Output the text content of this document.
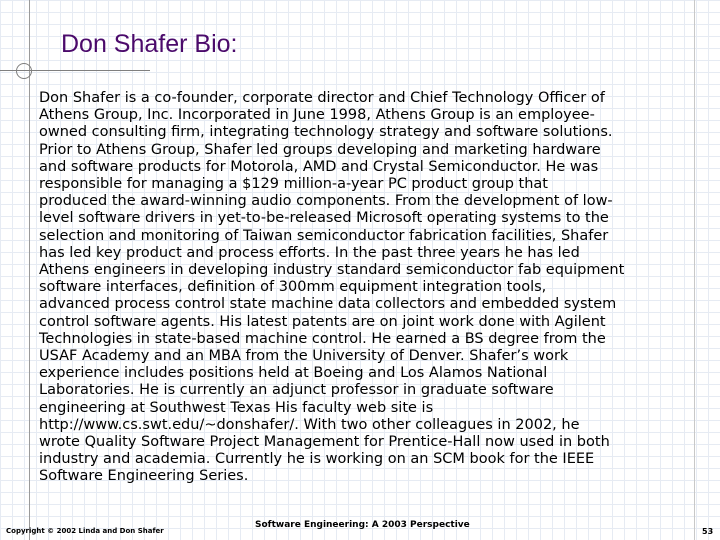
Don Shafer Bio:

Don Shafer is a co-founder, corporate director and Chief Technology Officer of
Athens Group, Inc. Incorporated in June 1998, Athens Group is an employee-
owned consulting firm, integrating technology strategy and software solutions.
Prior to Athens Group, Shafer led groups developing and marketing hardware
and software products for Motorola, AMD and Crystal Semiconductor. He was
responsible for managing a $129 million-a-year PC product group that
produced the award-winning audio components. From the development of low-
level software drivers in yet-to-be-released Microsoft operating systems to the
selection and monitoring of Taiwan semiconductor fabrication facilities, Shafer
has led key product and process efforts. In the past three years he has led
Athens engineers in developing industry standard semiconductor fab equipment
software interfaces, definition of 300mm equipment integration tools,
advanced process control state machine data collectors and embedded system
control software agents. His latest patents are on joint work done with Agilent
Technologies in state-based machine control. He earned a BS degree from the
USAF Academy and an MBA from the University of Denver. Shafer’s work
experience includes positions held at Boeing and Los Alamos National
Laboratories. He is currently an adjunct professor in graduate software
engineering at Southwest Texas His faculty web site is
http://www.cs.swt.edu/~donshafer/. With two other colleagues in 2002, he
wrote Quality Software Project Management for Prentice-Hall now used in both
industry and academia. Currently he is working on an SCM book for the IEEE
Software Engineering Series.

Copyright © 2002 Linda and Don Shafer
Software Engineering: A 2003 Perspective
53
